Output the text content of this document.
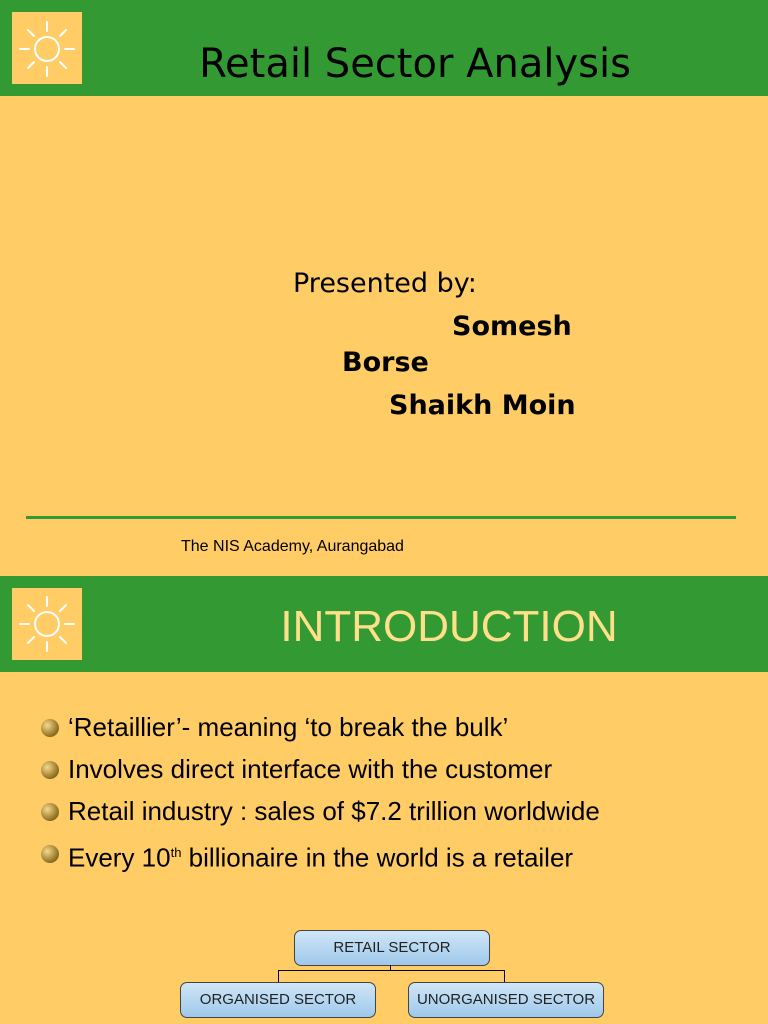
Retail Sector Analysis
Presented by:
Somesh
Borse
Shaikh Moin
The NIS Academy, Aurangabad
INTRODUCTION
‘Retaillier’- meaning ‘to break the bulk’
Involves direct interface with the customer
Retail industry : sales of $7.2 trillion worldwide
Every 10th billionaire in the world is a retailer
RETAIL SECTOR
ORGANISED SECTOR	UNORGANISED SECTOR
